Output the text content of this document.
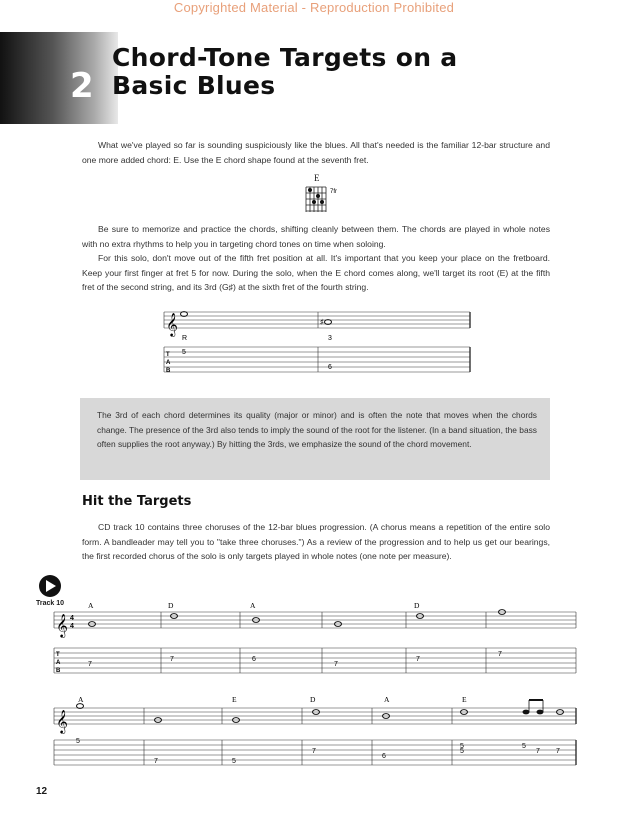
Copyrighted Material - Reproduction Prohibited
2
Chord-Tone Targets on a
Basic Blues
What we've played so far is sounding suspiciously like the blues. All that's needed is the familiar 12-bar structure and one more added chord: E. Use the E chord shape found at the seventh fret.
E
7fr
Be sure to memorize and practice the chords, shifting cleanly between them. The chords are played in whole notes with no extra rhythms to help you in targeting chord tones on time when soloing.
For this solo, don't move out of the fifth fret position at all. It's important that you keep your place on the fretboard. Keep your first finger at fret 5 for now. During the solo, when the E chord comes along, we'll target its root (E) at the fifth fret of the second string, and its 3rd (G♯) at the sixth fret of the fourth string.
𝄞	♯
R	3
T
A
B
5
6
The 3rd of each chord determines its quality (major or minor) and is often the note that moves when the chords change. The presence of the 3rd also tends to imply the sound of the root for the listener. (In a band situation, the bass often supplies the root anyway.) By hitting the 3rds, we emphasize the sound of the chord movement.
Hit the Targets
CD track 10 contains three choruses of the 12-bar blues progression. (A chorus means a repetition of the entire solo form. A bandleader may tell you to "take three choruses.") As a review of the progression and to help us get our bearings, the first recorded chorus of the solo is only targets played in whole notes (one note per measure).
Track 10
𝄞 4
4
A	D	A	D
T
A
B
7
7	6
7
7
7
𝄞
A	E	D	A	E
5
7	5
7
6
5
5	5
7 7
12
